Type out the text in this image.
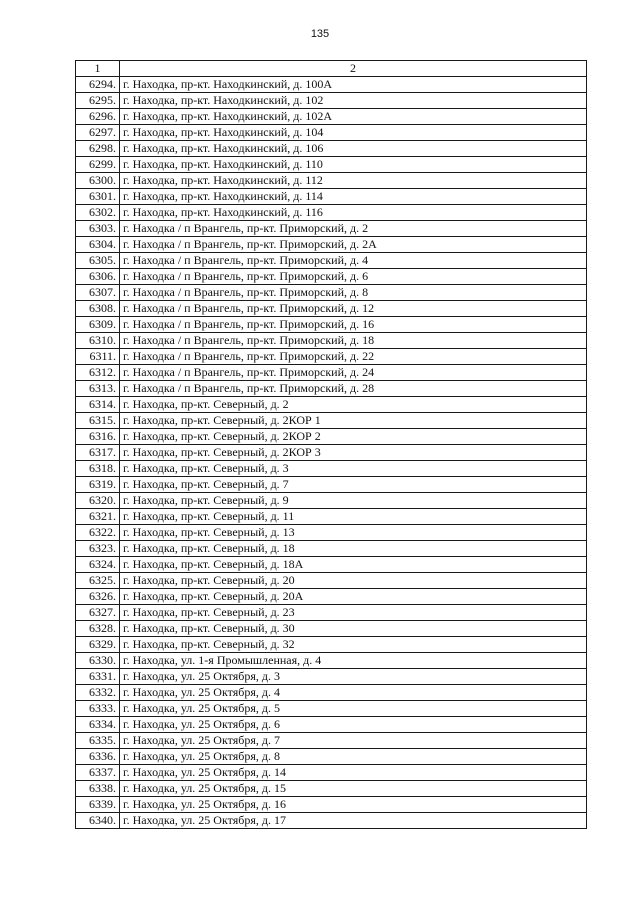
135
1	2
6294.	г. Находка, пр-кт. Находкинский, д. 100А
6295.	г. Находка, пр-кт. Находкинский, д. 102
6296.	г. Находка, пр-кт. Находкинский, д. 102А
6297.	г. Находка, пр-кт. Находкинский, д. 104
6298.	г. Находка, пр-кт. Находкинский, д. 106
6299.	г. Находка, пр-кт. Находкинский, д. 110
6300.	г. Находка, пр-кт. Находкинский, д. 112
6301.	г. Находка, пр-кт. Находкинский, д. 114
6302.	г. Находка, пр-кт. Находкинский, д. 116
6303.	г. Находка / п Врангель, пр-кт. Приморский, д. 2
6304.	г. Находка / п Врангель, пр-кт. Приморский, д. 2А
6305.	г. Находка / п Врангель, пр-кт. Приморский, д. 4
6306.	г. Находка / п Врангель, пр-кт. Приморский, д. 6
6307.	г. Находка / п Врангель, пр-кт. Приморский, д. 8
6308.	г. Находка / п Врангель, пр-кт. Приморский, д. 12
6309.	г. Находка / п Врангель, пр-кт. Приморский, д. 16
6310.	г. Находка / п Врангель, пр-кт. Приморский, д. 18
6311.	г. Находка / п Врангель, пр-кт. Приморский, д. 22
6312.	г. Находка / п Врангель, пр-кт. Приморский, д. 24
6313.	г. Находка / п Врангель, пр-кт. Приморский, д. 28
6314.	г. Находка, пр-кт. Северный, д. 2
6315.	г. Находка, пр-кт. Северный, д. 2КОР 1
6316.	г. Находка, пр-кт. Северный, д. 2КОР 2
6317.	г. Находка, пр-кт. Северный, д. 2КОР 3
6318.	г. Находка, пр-кт. Северный, д. 3
6319.	г. Находка, пр-кт. Северный, д. 7
6320.	г. Находка, пр-кт. Северный, д. 9
6321.	г. Находка, пр-кт. Северный, д. 11
6322.	г. Находка, пр-кт. Северный, д. 13
6323.	г. Находка, пр-кт. Северный, д. 18
6324.	г. Находка, пр-кт. Северный, д. 18А
6325.	г. Находка, пр-кт. Северный, д. 20
6326.	г. Находка, пр-кт. Северный, д. 20А
6327.	г. Находка, пр-кт. Северный, д. 23
6328.	г. Находка, пр-кт. Северный, д. 30
6329.	г. Находка, пр-кт. Северный, д. 32
6330.	г. Находка, ул. 1-я Промышленная, д. 4
6331.	г. Находка, ул. 25 Октября, д. 3
6332.	г. Находка, ул. 25 Октября, д. 4
6333.	г. Находка, ул. 25 Октября, д. 5
6334.	г. Находка, ул. 25 Октября, д. 6
6335.	г. Находка, ул. 25 Октября, д. 7
6336.	г. Находка, ул. 25 Октября, д. 8
6337.	г. Находка, ул. 25 Октября, д. 14
6338.	г. Находка, ул. 25 Октября, д. 15
6339.	г. Находка, ул. 25 Октября, д. 16
6340.	г. Находка, ул. 25 Октября, д. 17
